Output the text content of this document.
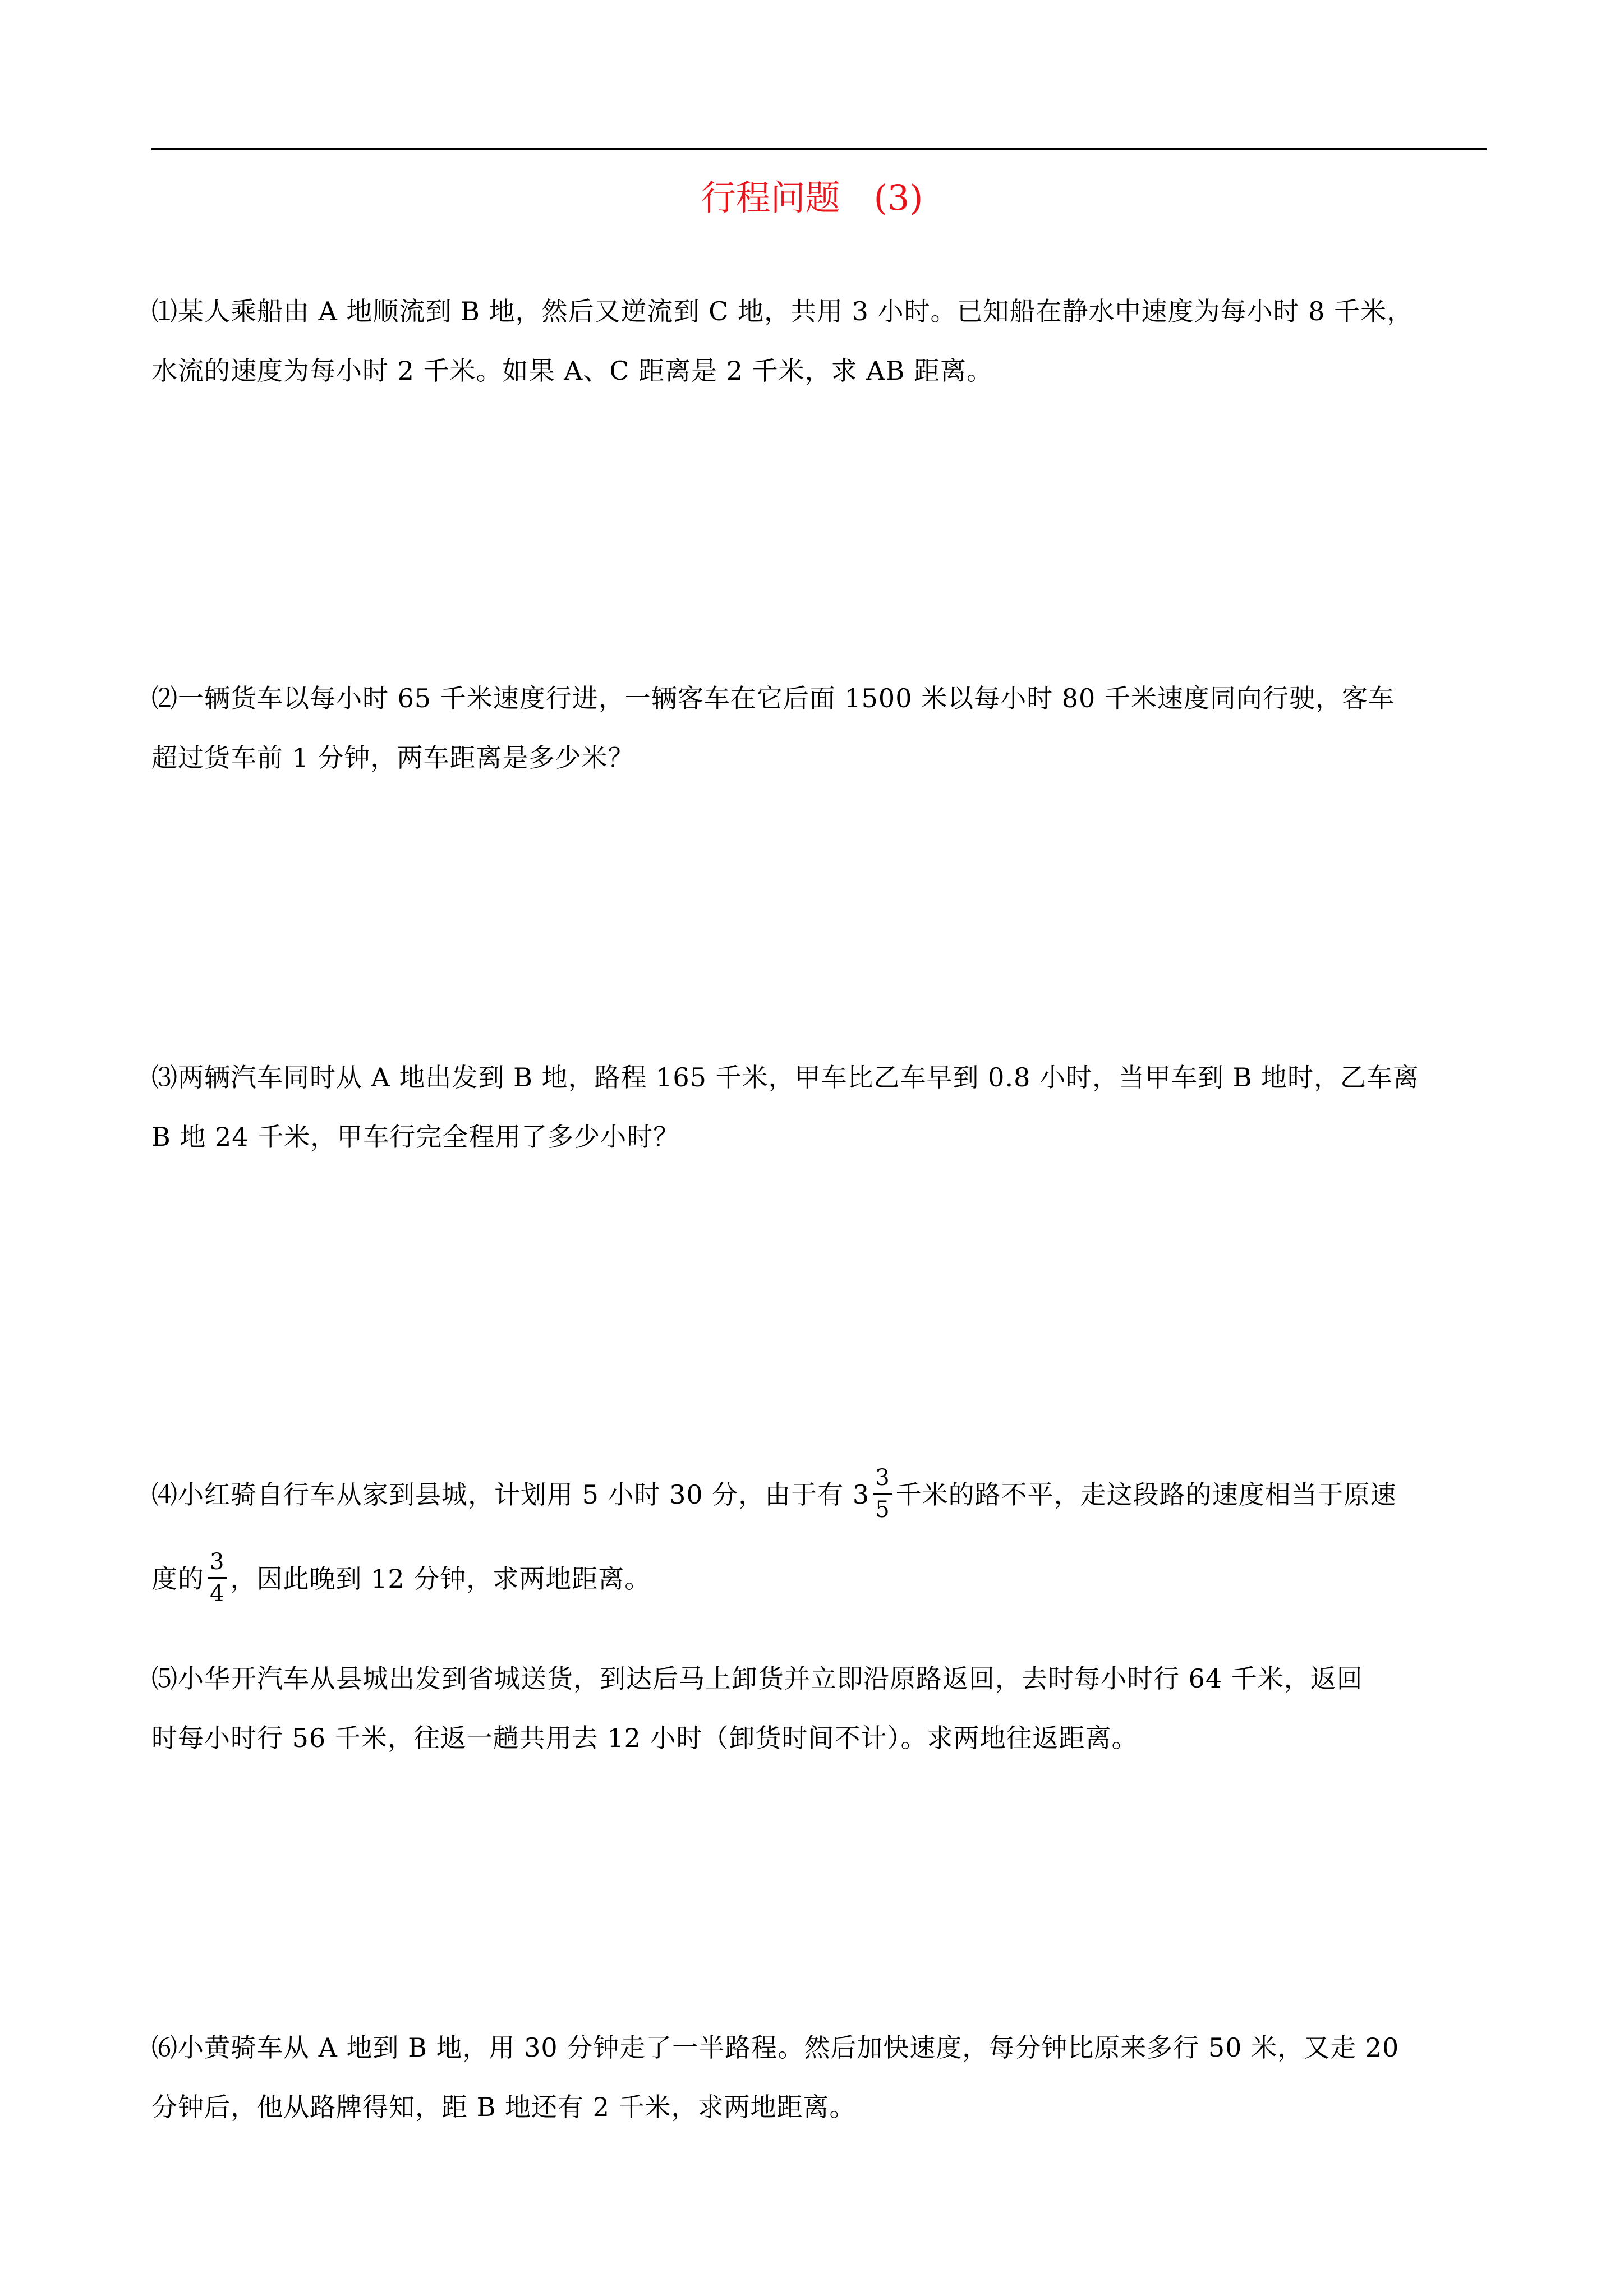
行程问题 (3)
⑴某人乘船由 A 地顺流到 B 地，然后又逆流到 C 地，共用 3 小时。已知船在静水中速度为每小时 8 千米，
水流的速度为每小时 2 千米。如果 A、C 距离是 2 千米，求 AB 距离。
⑵一辆货车以每小时 65 千米速度行进，一辆客车在它后面 1500 米以每小时 80 千米速度同向行驶，客车
超过货车前 1 分钟，两车距离是多少米？
⑶两辆汽车同时从 A 地出发到 B 地，路程 165 千米，甲车比乙车早到 0.8 小时，当甲车到 B 地时，乙车离
B 地 24 千米，甲车行完全程用了多少小时？
⑷小红骑自行车从家到县城，计划用 5 小时 30 分，由于有 $3 \frac{3}{5}$ 千米的路不平，走这段路的速度相当于原速
度的 $\frac{3}{4}$ ，因此晚到 12 分钟，求两地距离。
⑸小华开汽车从县城出发到省城送货，到达后马上卸货并立即沿原路返回，去时每小时行 64 千米，返回
时每小时行 56 千米，往返一趟共用去 12 小时（卸货时间不计）。求两地往返距离。
⑹小黄骑车从 A 地到 B 地，用 30 分钟走了一半路程。然后加快速度，每分钟比原来多行 50 米，又走 20
分钟后，他从路牌得知，距 B 地还有 2 千米，求两地距离。
